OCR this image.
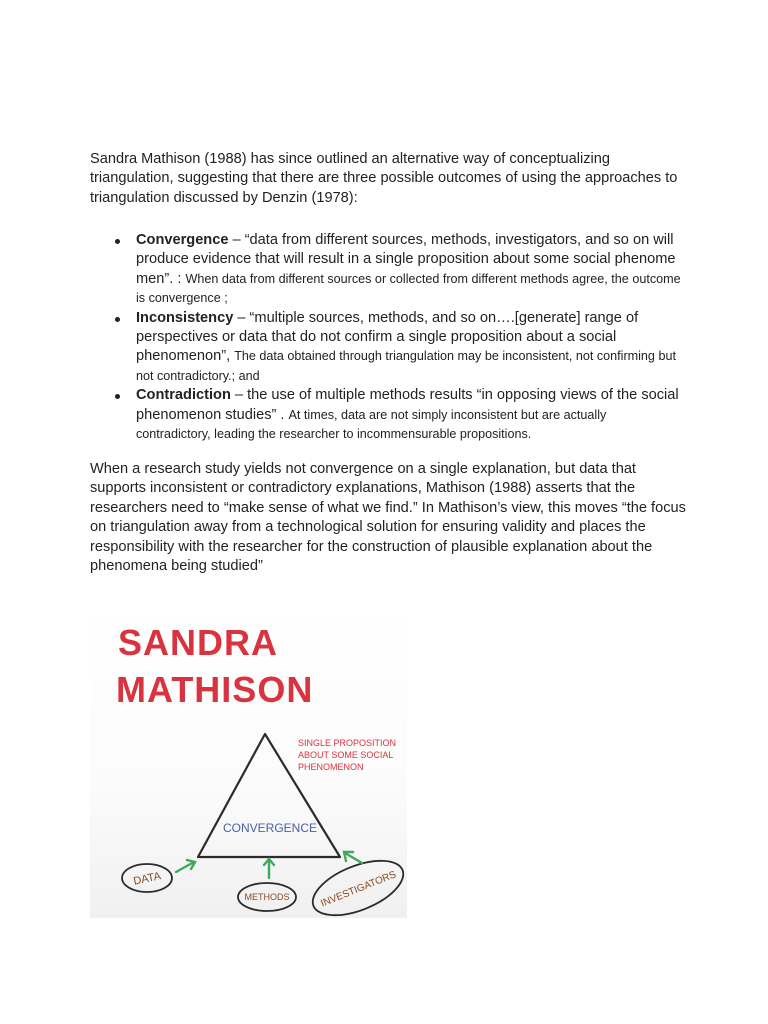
Sandra Mathison (1988) has since outlined an alternative way of conceptualizing triangulation, suggesting that there are three possible outcomes of using the approaches to triangulation discussed by Denzin (1978):

Convergence – “data from different sources, methods, investigators, and so on will produce evidence that will result in a single proposition about some social phenome men”. : When data from different sources or collected from different methods agree, the outcome is convergence ;
Inconsistency – “multiple sources, methods, and so on….[generate] range of perspectives or data that do not confirm a single proposition about a social phenomenon”, The data obtained through triangulation may be inconsistent, not confirming but not contradictory.; and
Contradiction – the use of multiple methods results “in opposing views of the social phenomenon studies” . At times, data are not simply inconsistent but are actually contradictory, leading the researcher to incommensurable propositions.

When a research study yields not convergence on a single explanation, but data that supports inconsistent or contradictory explanations, Mathison (1988) asserts that the researchers need to “make sense of what we find.” In Mathison’s view, this moves “the focus on triangulation away from a technological solution for ensuring validity and places the responsibility with the researcher for the construction of plausible explanation about the phenomena being studied”

SANDRA
MATHISON
SINGLE PROPOSITION
ABOUT SOME SOCIAL
PHENOMENON
CONVERGENCE
DATA
METHODS	INVESTIGATORS
